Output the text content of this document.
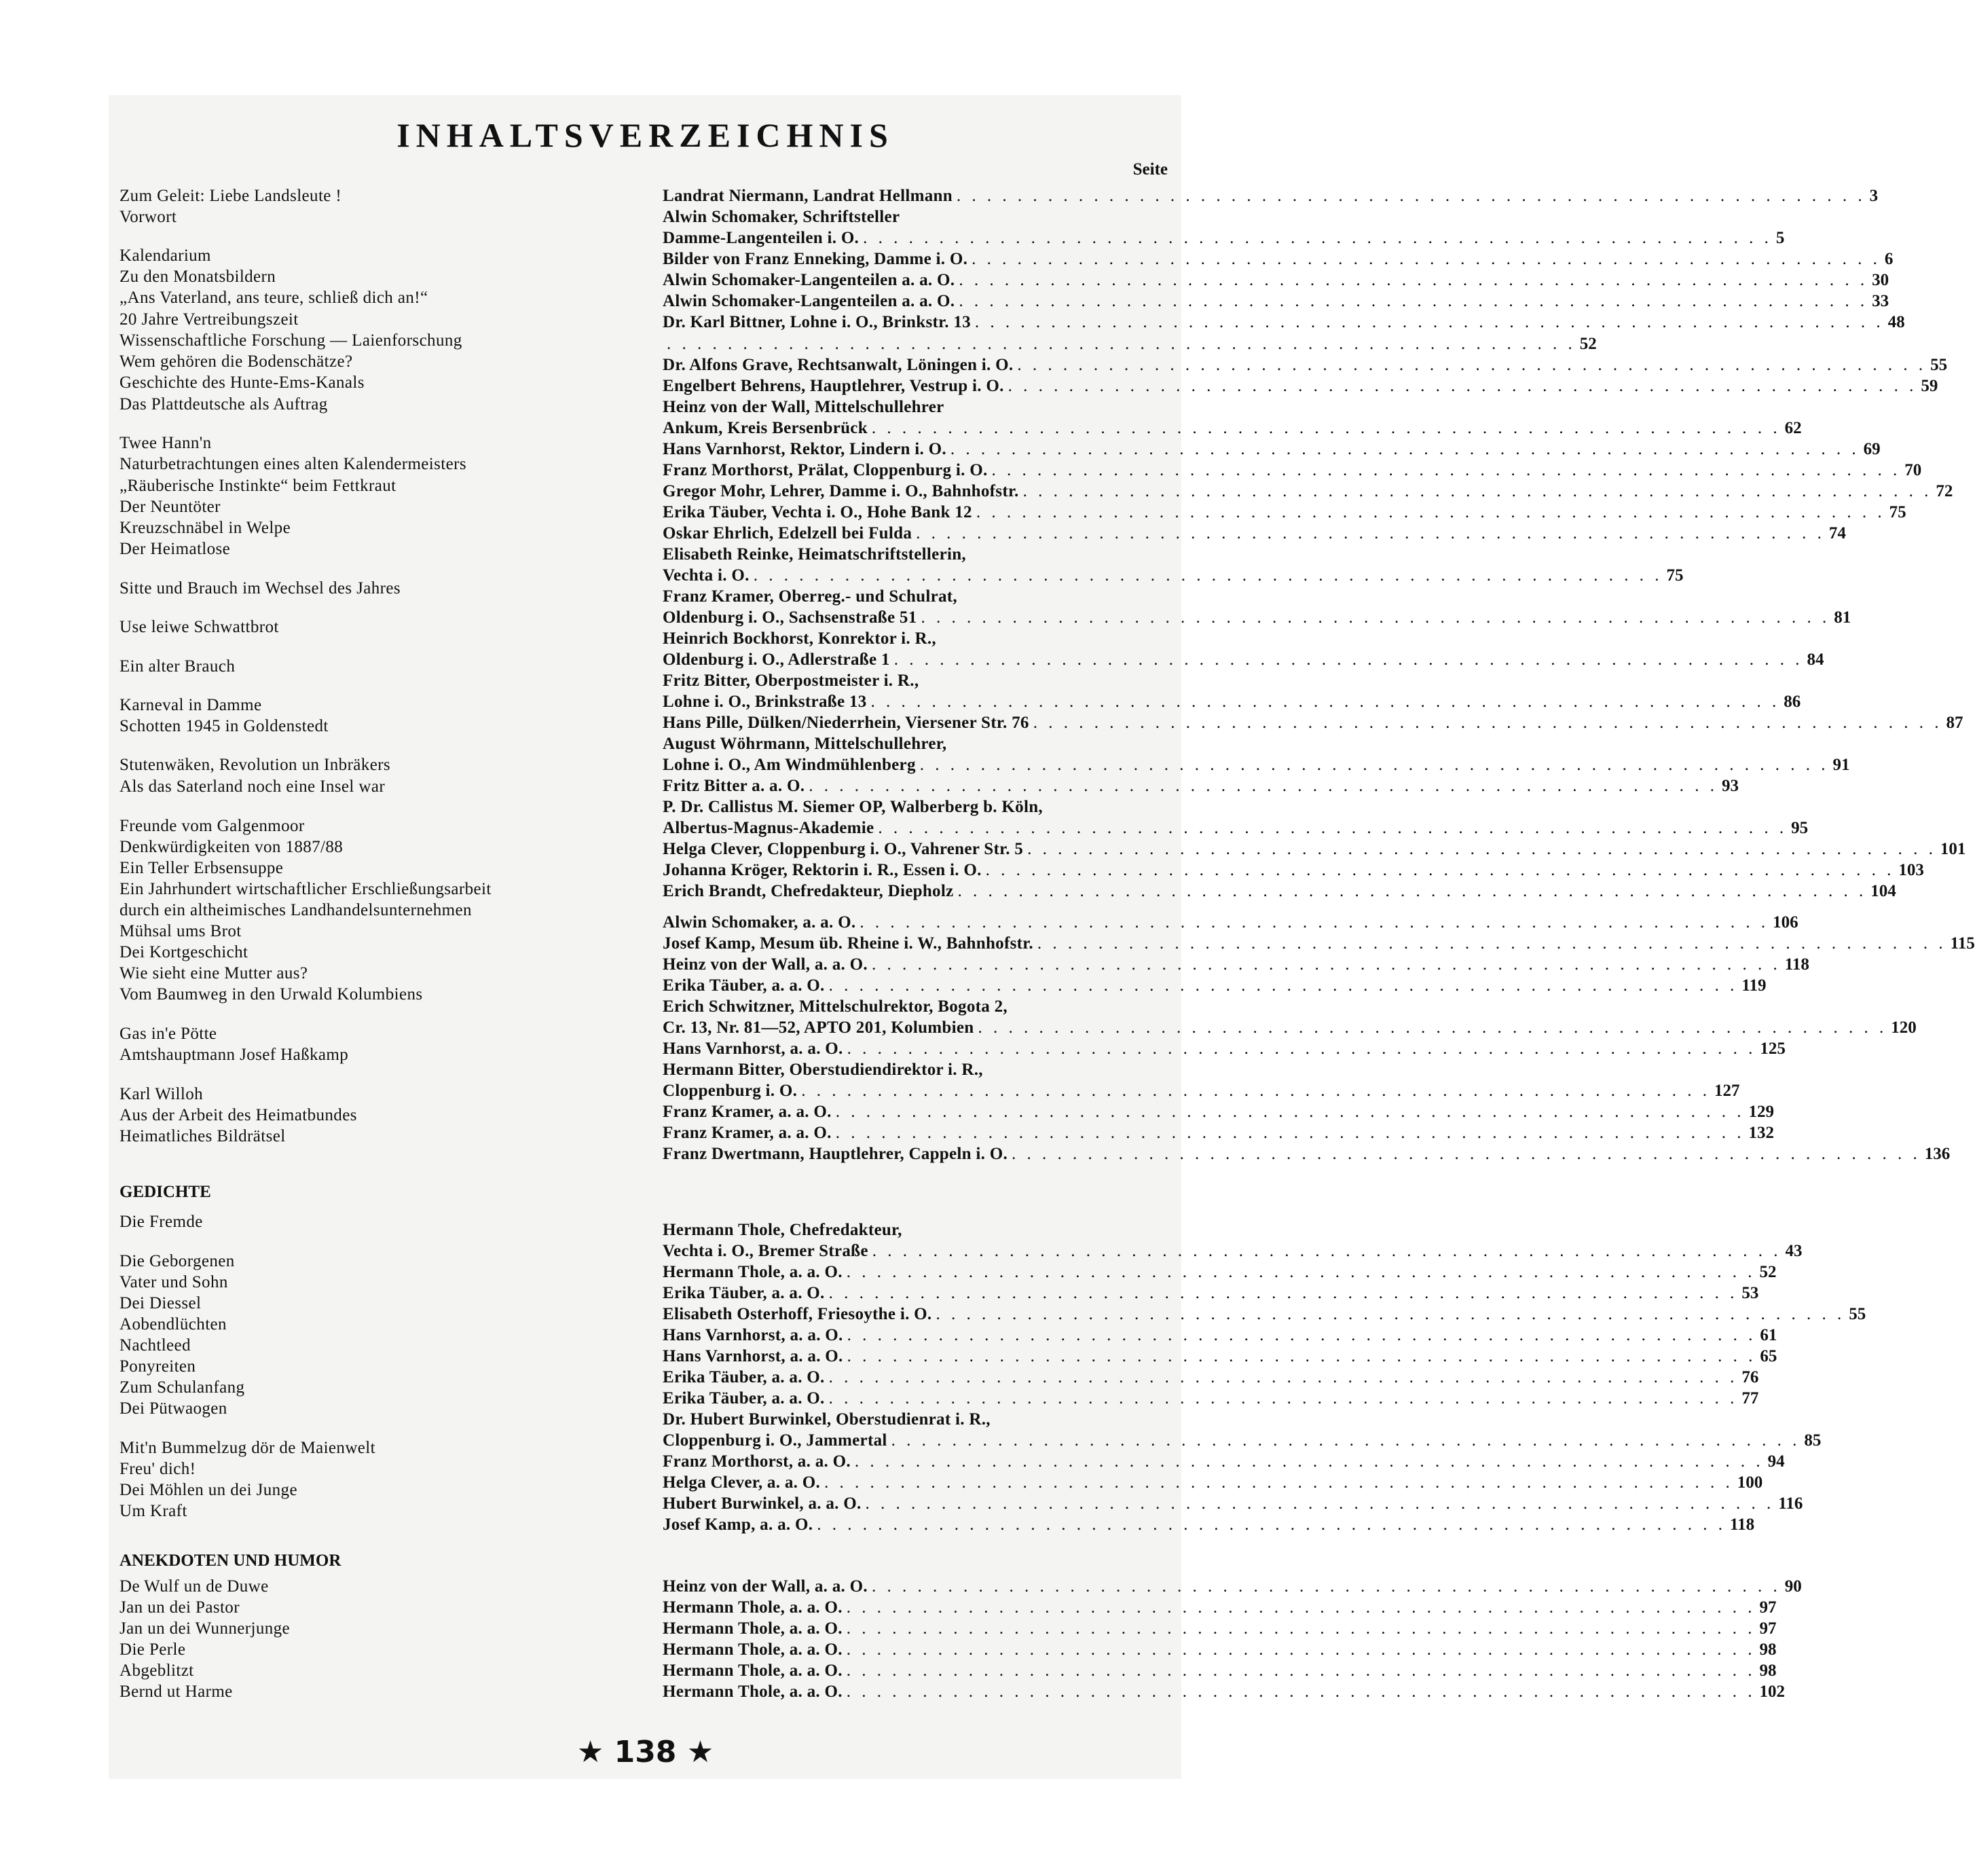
INHALTSVERZEICHNIS
Seite
Zum Geleit: Liebe Landsleute !
Vorwort
Kalendarium
Zu den Monatsbildern
„Ans Vaterland, ans teure, schließ dich an!“
20 Jahre Vertreibungszeit
Wissenschaftliche Forschung — Laienforschung
Wem gehören die Bodenschätze?
Geschichte des Hunte-Ems-Kanals
Das Plattdeutsche als Auftrag
Twee Hann'n
Naturbetrachtungen eines alten Kalendermeisters
„Räuberische Instinkte“ beim Fettkraut
Der Neuntöter
Kreuzschnäbel in Welpe
Der Heimatlose
Sitte und Brauch im Wechsel des Jahres
Use leiwe Schwattbrot
Ein alter Brauch
Karneval in Damme
Schotten 1945 in Goldenstedt
Stutenwäken, Revolution un Inbräkers
Als das Saterland noch eine Insel war
Freunde vom Galgenmoor
Denkwürdigkeiten von 1887/88
Ein Teller Erbsensuppe
Ein Jahrhundert wirtschaftlicher Erschließungsarbeit
durch ein altheimisches Landhandelsunternehmen
Mühsal ums Brot
Dei Kortgeschicht
Wie sieht eine Mutter aus?
Vom Baumweg in den Urwald Kolumbiens
Gas in'e Pötte
Amtshauptmann Josef Haßkamp
Karl Willoh
Aus der Arbeit des Heimatbundes
Heimatliches Bildrätsel
Die Fremde
Die Geborgenen
Vater und Sohn
Dei Diessel
Aobendlüchten
Nachtleed
Ponyreiten
Zum Schulanfang
Dei Pütwaogen
Mit'n Bummelzug dör de Maienwelt
Freu' dich!
Dei Möhlen un dei Junge
Um Kraft
De Wulf un de Duwe
Jan un dei Pastor
Jan un dei Wunnerjunge
Die Perle
Abgeblitzt
Bernd ut Harme
Landrat Niermann, Landrat Hellmann . . . . . . . . . . . . . . . . . . . . . . . . . . . . . . . . . . . . . . . . . . . . . . . . . . . . . . . . . . . . 3
Alwin Schomaker, Schriftsteller
Damme-Langenteilen i. O. . . . . . . . . . . . . . . . . . . . . . . . . . . . . . . . . . . . . . . . . . . . . . . . . . . . . . . . . . . . . 5
Bilder von Franz Enneking, Damme i. O. . . . . . . . . . . . . . . . . . . . . . . . . . . . . . . . . . . . . . . . . . . . . . . . . . . . . . . . . . . . . 6
Alwin Schomaker-Langenteilen a. a. O. . . . . . . . . . . . . . . . . . . . . . . . . . . . . . . . . . . . . . . . . . . . . . . . . . . . . . . . . . . . . 30
Alwin Schomaker-Langenteilen a. a. O. . . . . . . . . . . . . . . . . . . . . . . . . . . . . . . . . . . . . . . . . . . . . . . . . . . . . . . . . . . . . 33
Dr. Karl Bittner, Lohne i. O., Brinkstr. 13 . . . . . . . . . . . . . . . . . . . . . . . . . . . . . . . . . . . . . . . . . . . . . . . . . . . . . . . . . . . . 48
. . . . . . . . . . . . . . . . . . . . . . . . . . . . . . . . . . . . . . . . . . . . . . . . . . . . . . . . . . . . 52
Dr. Alfons Grave, Rechtsanwalt, Löningen i. O. . . . . . . . . . . . . . . . . . . . . . . . . . . . . . . . . . . . . . . . . . . . . . . . . . . . . . . . . . . . . 55
Engelbert Behrens, Hauptlehrer, Vestrup i. O. . . . . . . . . . . . . . . . . . . . . . . . . . . . . . . . . . . . . . . . . . . . . . . . . . . . . . . . . . . . . 59
Heinz von der Wall, Mittelschullehrer
Ankum, Kreis Bersenbrück . . . . . . . . . . . . . . . . . . . . . . . . . . . . . . . . . . . . . . . . . . . . . . . . . . . . . . . . . . . . 62
Hans Varnhorst, Rektor, Lindern i. O. . . . . . . . . . . . . . . . . . . . . . . . . . . . . . . . . . . . . . . . . . . . . . . . . . . . . . . . . . . . . 69
Franz Morthorst, Prälat, Cloppenburg i. O. . . . . . . . . . . . . . . . . . . . . . . . . . . . . . . . . . . . . . . . . . . . . . . . . . . . . . . . . . . . . 70
Gregor Mohr, Lehrer, Damme i. O., Bahnhofstr. . . . . . . . . . . . . . . . . . . . . . . . . . . . . . . . . . . . . . . . . . . . . . . . . . . . . . . . . . . . . 72
Erika Täuber, Vechta i. O., Hohe Bank 12 . . . . . . . . . . . . . . . . . . . . . . . . . . . . . . . . . . . . . . . . . . . . . . . . . . . . . . . . . . . . 75
Oskar Ehrlich, Edelzell bei Fulda . . . . . . . . . . . . . . . . . . . . . . . . . . . . . . . . . . . . . . . . . . . . . . . . . . . . . . . . . . . . 74
Elisabeth Reinke, Heimatschriftstellerin,
Vechta i. O. . . . . . . . . . . . . . . . . . . . . . . . . . . . . . . . . . . . . . . . . . . . . . . . . . . . . . . . . . . . . 75
Franz Kramer, Oberreg.- und Schulrat,
Oldenburg i. O., Sachsenstraße 51 . . . . . . . . . . . . . . . . . . . . . . . . . . . . . . . . . . . . . . . . . . . . . . . . . . . . . . . . . . . . 81
Heinrich Bockhorst, Konrektor i. R.,
Oldenburg i. O., Adlerstraße 1 . . . . . . . . . . . . . . . . . . . . . . . . . . . . . . . . . . . . . . . . . . . . . . . . . . . . . . . . . . . . 84
Fritz Bitter, Oberpostmeister i. R.,
Lohne i. O., Brinkstraße 13 . . . . . . . . . . . . . . . . . . . . . . . . . . . . . . . . . . . . . . . . . . . . . . . . . . . . . . . . . . . . 86
Hans Pille, Dülken/Niederrhein, Viersener Str. 76 . . . . . . . . . . . . . . . . . . . . . . . . . . . . . . . . . . . . . . . . . . . . . . . . . . . . . . . . . . . . 87
August Wöhrmann, Mittelschullehrer,
Lohne i. O., Am Windmühlenberg . . . . . . . . . . . . . . . . . . . . . . . . . . . . . . . . . . . . . . . . . . . . . . . . . . . . . . . . . . . . 91
Fritz Bitter a. a. O. . . . . . . . . . . . . . . . . . . . . . . . . . . . . . . . . . . . . . . . . . . . . . . . . . . . . . . . . . . . . 93
P. Dr. Callistus M. Siemer OP, Walberberg b. Köln,
Albertus-Magnus-Akademie . . . . . . . . . . . . . . . . . . . . . . . . . . . . . . . . . . . . . . . . . . . . . . . . . . . . . . . . . . . . 95
Helga Clever, Cloppenburg i. O., Vahrener Str. 5 . . . . . . . . . . . . . . . . . . . . . . . . . . . . . . . . . . . . . . . . . . . . . . . . . . . . . . . . . . . . 101
Johanna Kröger, Rektorin i. R., Essen i. O. . . . . . . . . . . . . . . . . . . . . . . . . . . . . . . . . . . . . . . . . . . . . . . . . . . . . . . . . . . . . 103
Erich Brandt, Chefredakteur, Diepholz . . . . . . . . . . . . . . . . . . . . . . . . . . . . . . . . . . . . . . . . . . . . . . . . . . . . . . . . . . . . 104
Alwin Schomaker, a. a. O. . . . . . . . . . . . . . . . . . . . . . . . . . . . . . . . . . . . . . . . . . . . . . . . . . . . . . . . . . . . . 106
Josef Kamp, Mesum üb. Rheine i. W., Bahnhofstr. . . . . . . . . . . . . . . . . . . . . . . . . . . . . . . . . . . . . . . . . . . . . . . . . . . . . . . . . . . . . 115
Heinz von der Wall, a. a. O. . . . . . . . . . . . . . . . . . . . . . . . . . . . . . . . . . . . . . . . . . . . . . . . . . . . . . . . . . . . . 118
Erika Täuber, a. a. O. . . . . . . . . . . . . . . . . . . . . . . . . . . . . . . . . . . . . . . . . . . . . . . . . . . . . . . . . . . . . 119
Erich Schwitzner, Mittelschulrektor, Bogota 2,
Cr. 13, Nr. 81—52, APTO 201, Kolumbien . . . . . . . . . . . . . . . . . . . . . . . . . . . . . . . . . . . . . . . . . . . . . . . . . . . . . . . . . . . . 120
Hans Varnhorst, a. a. O. . . . . . . . . . . . . . . . . . . . . . . . . . . . . . . . . . . . . . . . . . . . . . . . . . . . . . . . . . . . . 125
Hermann Bitter, Oberstudiendirektor i. R.,
Cloppenburg i. O. . . . . . . . . . . . . . . . . . . . . . . . . . . . . . . . . . . . . . . . . . . . . . . . . . . . . . . . . . . . . 127
Franz Kramer, a. a. O. . . . . . . . . . . . . . . . . . . . . . . . . . . . . . . . . . . . . . . . . . . . . . . . . . . . . . . . . . . . . 129
Franz Kramer, a. a. O. . . . . . . . . . . . . . . . . . . . . . . . . . . . . . . . . . . . . . . . . . . . . . . . . . . . . . . . . . . . . 132
Franz Dwertmann, Hauptlehrer, Cappeln i. O. . . . . . . . . . . . . . . . . . . . . . . . . . . . . . . . . . . . . . . . . . . . . . . . . . . . . . . . . . . . . 136
Hermann Thole, Chefredakteur,
Vechta i. O., Bremer Straße . . . . . . . . . . . . . . . . . . . . . . . . . . . . . . . . . . . . . . . . . . . . . . . . . . . . . . . . . . . . 43
Hermann Thole, a. a. O. . . . . . . . . . . . . . . . . . . . . . . . . . . . . . . . . . . . . . . . . . . . . . . . . . . . . . . . . . . . . 52
Erika Täuber, a. a. O. . . . . . . . . . . . . . . . . . . . . . . . . . . . . . . . . . . . . . . . . . . . . . . . . . . . . . . . . . . . . 53
Elisabeth Osterhoff, Friesoythe i. O. . . . . . . . . . . . . . . . . . . . . . . . . . . . . . . . . . . . . . . . . . . . . . . . . . . . . . . . . . . . . 55
Hans Varnhorst, a. a. O. . . . . . . . . . . . . . . . . . . . . . . . . . . . . . . . . . . . . . . . . . . . . . . . . . . . . . . . . . . . . 61
Hans Varnhorst, a. a. O. . . . . . . . . . . . . . . . . . . . . . . . . . . . . . . . . . . . . . . . . . . . . . . . . . . . . . . . . . . . . 65
Erika Täuber, a. a. O. . . . . . . . . . . . . . . . . . . . . . . . . . . . . . . . . . . . . . . . . . . . . . . . . . . . . . . . . . . . . 76
Erika Täuber, a. a. O. . . . . . . . . . . . . . . . . . . . . . . . . . . . . . . . . . . . . . . . . . . . . . . . . . . . . . . . . . . . . 77
Dr. Hubert Burwinkel, Oberstudienrat i. R.,
Cloppenburg i. O., Jammertal . . . . . . . . . . . . . . . . . . . . . . . . . . . . . . . . . . . . . . . . . . . . . . . . . . . . . . . . . . . . 85
Franz Morthorst, a. a. O. . . . . . . . . . . . . . . . . . . . . . . . . . . . . . . . . . . . . . . . . . . . . . . . . . . . . . . . . . . . . 94
Helga Clever, a. a. O. . . . . . . . . . . . . . . . . . . . . . . . . . . . . . . . . . . . . . . . . . . . . . . . . . . . . . . . . . . . . 100
Hubert Burwinkel, a. a. O. . . . . . . . . . . . . . . . . . . . . . . . . . . . . . . . . . . . . . . . . . . . . . . . . . . . . . . . . . . . . 116
Josef Kamp, a. a. O. . . . . . . . . . . . . . . . . . . . . . . . . . . . . . . . . . . . . . . . . . . . . . . . . . . . . . . . . . . . . 118
Heinz von der Wall, a. a. O. . . . . . . . . . . . . . . . . . . . . . . . . . . . . . . . . . . . . . . . . . . . . . . . . . . . . . . . . . . . . 90
Hermann Thole, a. a. O. . . . . . . . . . . . . . . . . . . . . . . . . . . . . . . . . . . . . . . . . . . . . . . . . . . . . . . . . . . . . 97
Hermann Thole, a. a. O. . . . . . . . . . . . . . . . . . . . . . . . . . . . . . . . . . . . . . . . . . . . . . . . . . . . . . . . . . . . . 97
Hermann Thole, a. a. O. . . . . . . . . . . . . . . . . . . . . . . . . . . . . . . . . . . . . . . . . . . . . . . . . . . . . . . . . . . . . 98
Hermann Thole, a. a. O. . . . . . . . . . . . . . . . . . . . . . . . . . . . . . . . . . . . . . . . . . . . . . . . . . . . . . . . . . . . . 98
Hermann Thole, a. a. O. . . . . . . . . . . . . . . . . . . . . . . . . . . . . . . . . . . . . . . . . . . . . . . . . . . . . . . . . . . . . 102
GEDICHTE
ANEKDOTEN UND HUMOR
★ 138 ★
